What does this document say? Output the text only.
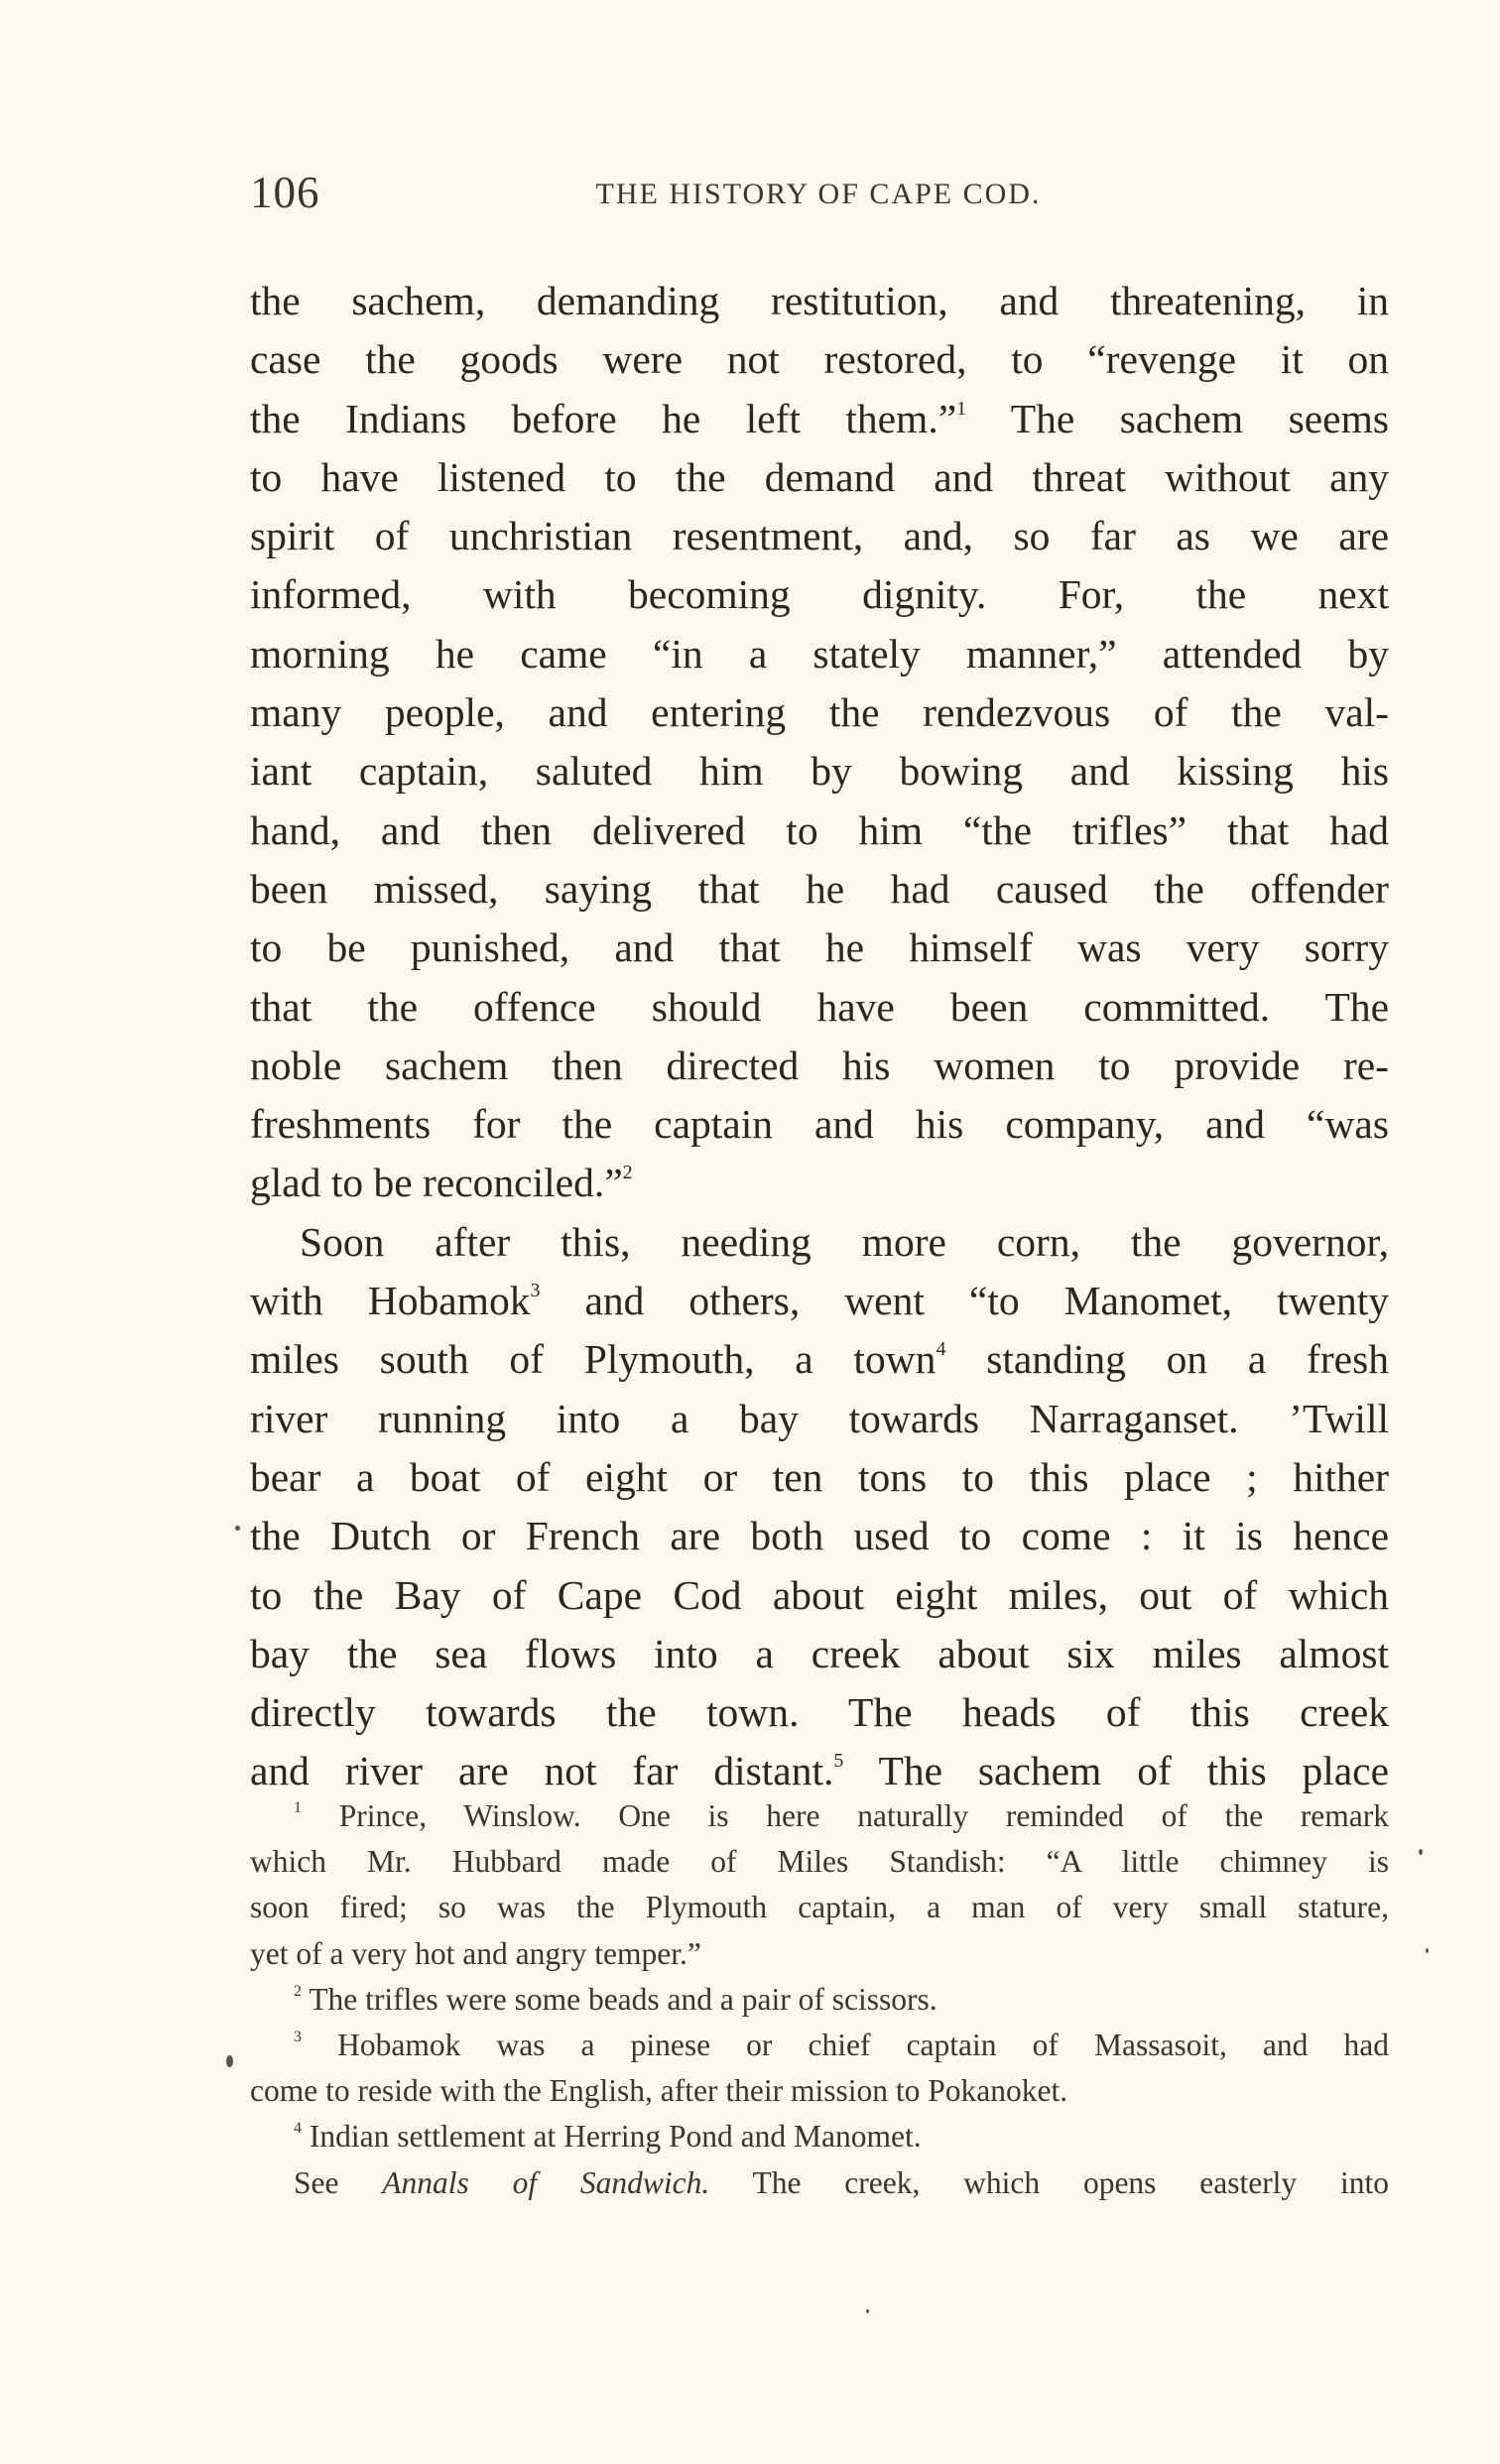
106	THE HISTORY OF CAPE COD.
the sachem, demanding restitution, and threatening, in
case the goods were not restored, to “revenge it on
the Indians before he left them.”$^1$ The sachem seems
to have listened to the demand and threat without any
spirit of unchristian resentment, and, so far as we are
informed, with becoming dignity. For, the next
morning he came “in a stately manner,” attended by
many people, and entering the rendezvous of the val-
iant captain, saluted him by bowing and kissing his
hand, and then delivered to him “the trifles” that had
been missed, saying that he had caused the offender
to be punished, and that he himself was very sorry
that the offence should have been committed. The
noble sachem then directed his women to provide re-
freshments for the captain and his company, and “was
glad to be reconciled.”$^2$
Soon after this, needing more corn, the governor,
with Hobamok$^3$ and others, went “to Manomet, twenty
miles south of Plymouth, a town$^4$ standing on a fresh
river running into a bay towards Narraganset. ’Twill
bear a boat of eight or ten tons to this place ; hither
the Dutch or French are both used to come : it is hence
to the Bay of Cape Cod about eight miles, out of which
bay the sea flows into a creek about six miles almost
directly towards the town. The heads of this creek
and river are not far distant.$^5$ The sachem of this place
$^1$ Prince, Winslow. One is here naturally reminded of the remark
which Mr. Hubbard made of Miles Standish: “A little chimney is
soon fired; so was the Plymouth captain, a man of very small stature,
yet of a very hot and angry temper.”
$^2$ The trifles were some beads and a pair of scissors.
$^3$ Hobamok was a pinese or chief captain of Massasoit, and had
come to reside with the English, after their mission to Pokanoket.
$^4$ Indian settlement at Herring Pond and Manomet.
See Annals of Sandwich. The creek, which opens easterly into
